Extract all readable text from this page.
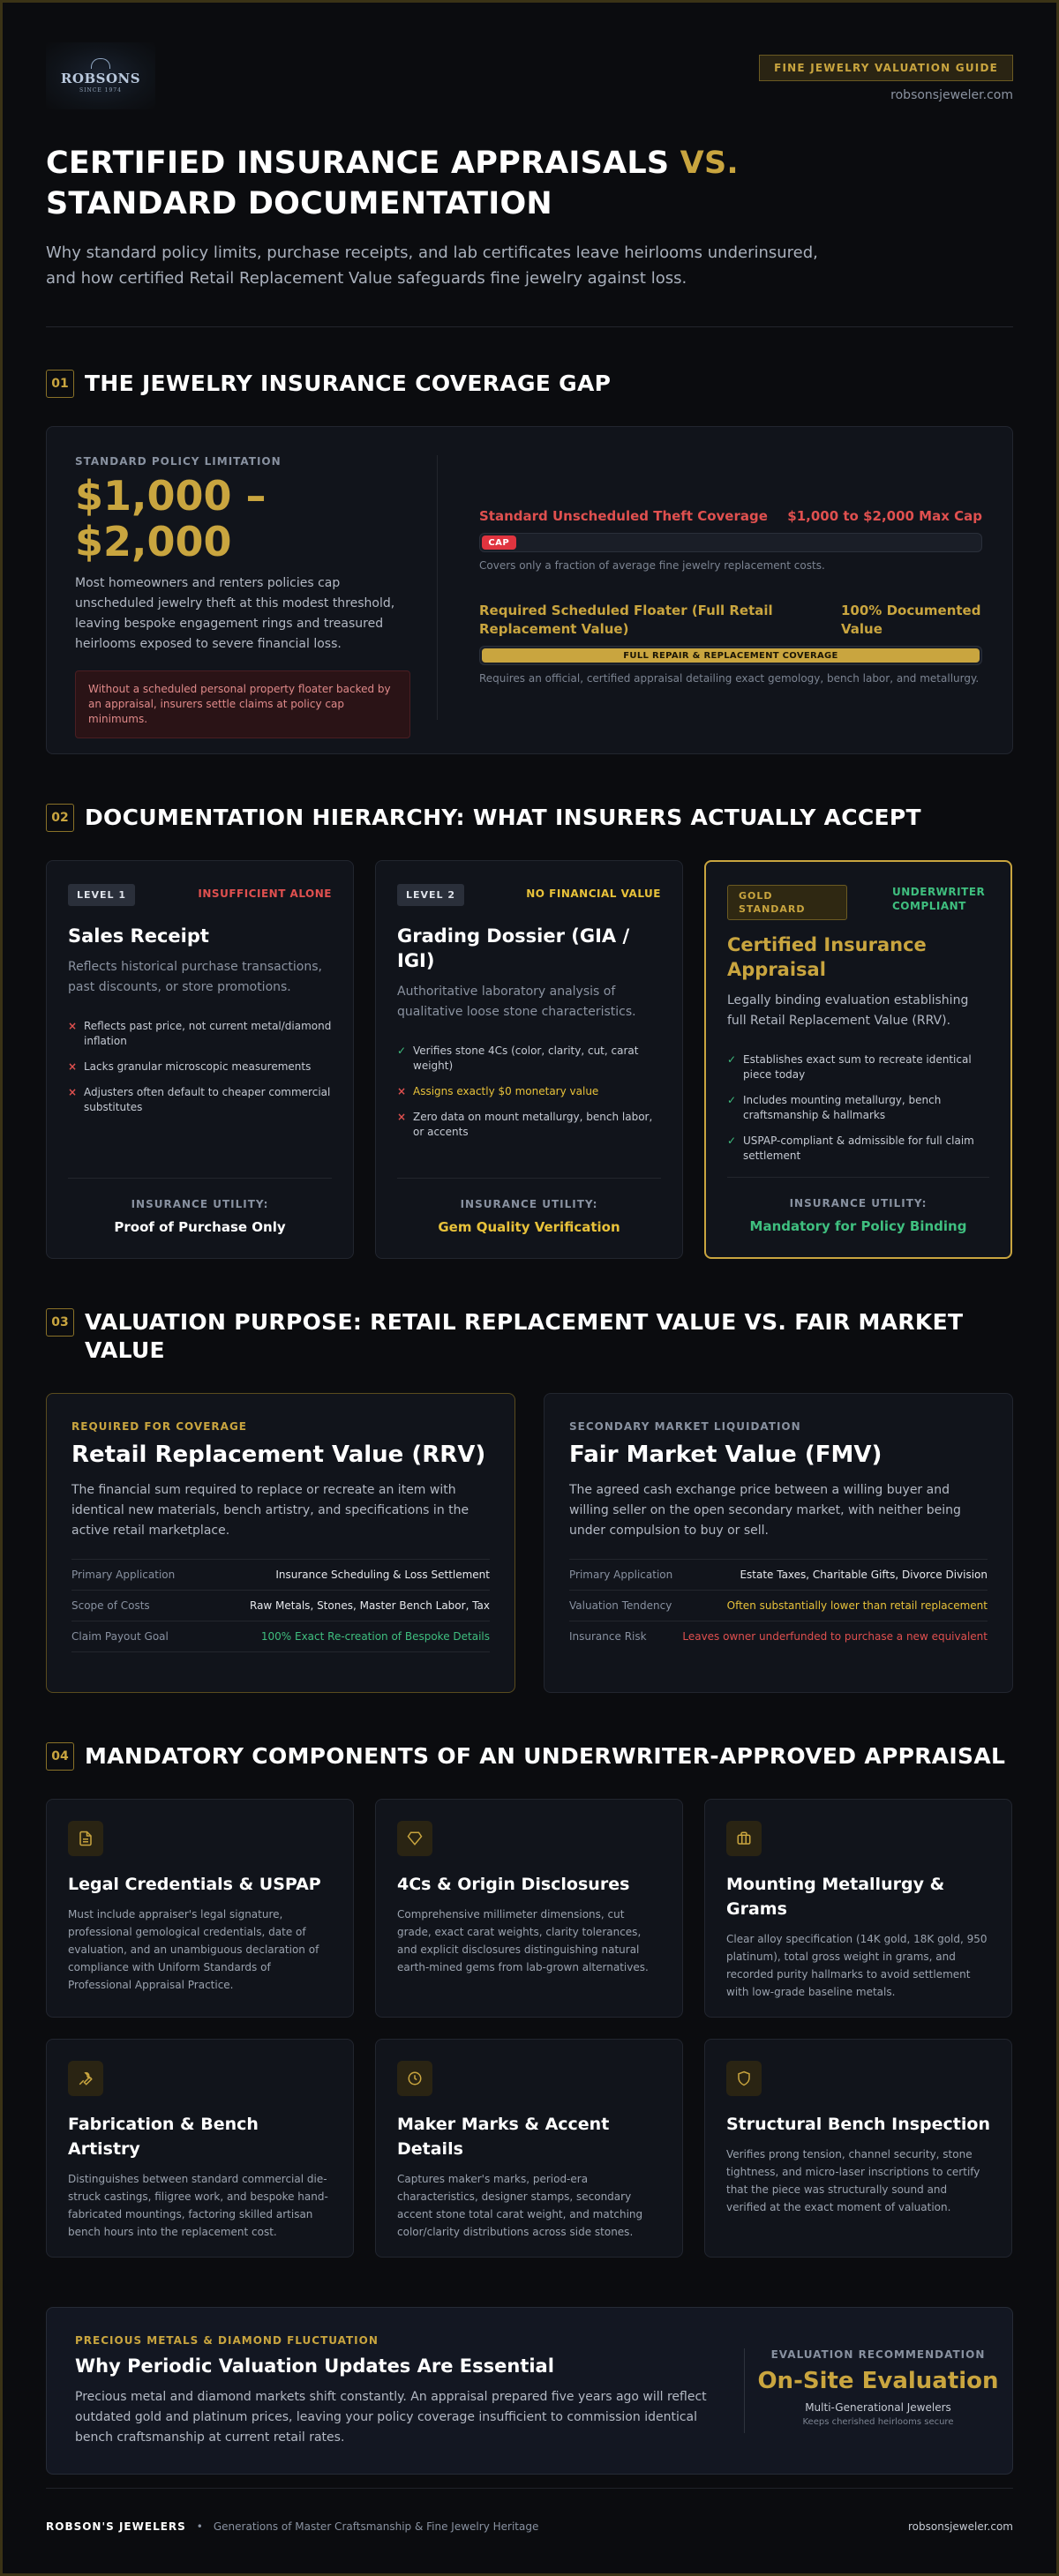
ROBSONS
SINCE 1974
FINE JEWELRY VALUATION GUIDE
robsonsjeweler.com
CERTIFIED INSURANCE APPRAISALS VS.
STANDARD DOCUMENTATION

Why standard policy limits, purchase receipts, and lab certificates leave heirlooms underinsured, and how certified Retail Replacement Value safeguards fine jewelry against loss.

01 THE JEWELRY INSURANCE COVERAGE GAP
STANDARD POLICY LIMITATION
$1,000 – $2,000

Most homeowners and renters policies cap unscheduled jewelry theft at this modest threshold, leaving bespoke engagement rings and treasured heirlooms exposed to severe financial loss.

Without a scheduled personal property floater backed by an appraisal, insurers settle claims at policy cap minimums.
Standard Unscheduled Theft Coverage $1,000 to $2,000 Max Cap
CAP
Covers only a fraction of average fine jewelry replacement costs.
Required Scheduled Floater (Full Retail Replacement Value)
100% Documented Value
FULL REPAIR & REPLACEMENT COVERAGE
Requires an official, certified appraisal detailing exact gemology, bench labor, and metallurgy.
02 DOCUMENTATION HIERARCHY: WHAT INSURERS ACTUALLY ACCEPT
LEVEL 1	INSUFFICIENT ALONE
Sales Receipt

Reflects historical purchase transactions, past discounts, or store promotions.

× Reflects past price, not current metal/diamond inflation
× Lacks granular microscopic measurements
× Adjusters often default to cheaper commercial substitutes
INSURANCE UTILITY:
Proof of Purchase Only
LEVEL 2	NO FINANCIAL VALUE
Grading Dossier (GIA / IGI)

Authoritative laboratory analysis of qualitative loose stone characteristics.

✓ Verifies stone 4Cs (color, clarity, cut, carat weight)
× Assigns exactly $0 monetary value
× Zero data on mount metallurgy, bench labor, or accents
INSURANCE UTILITY:
Gem Quality Verification
GOLD STANDARD
UNDERWRITER COMPLIANT
Certified Insurance Appraisal

Legally binding evaluation establishing full Retail Replacement Value (RRV).

✓ Establishes exact sum to recreate identical piece today
✓ Includes mounting metallurgy, bench craftsmanship & hallmarks
✓ USPAP-compliant & admissible for full claim settlement
INSURANCE UTILITY:
Mandatory for Policy Binding
03 VALUATION PURPOSE: RETAIL REPLACEMENT VALUE VS. FAIR MARKET VALUE
REQUIRED FOR COVERAGE
Retail Replacement Value (RRV)

The financial sum required to replace or recreate an item with identical new materials, bench artistry, and specifications in the active retail marketplace.

Primary Application	Insurance Scheduling & Loss Settlement
Scope of Costs	Raw Metals, Stones, Master Bench Labor, Tax
Claim Payout Goal	100% Exact Re-creation of Bespoke Details
SECONDARY MARKET LIQUIDATION
Fair Market Value (FMV)

The agreed cash exchange price between a willing buyer and willing seller on the open secondary market, with neither being under compulsion to buy or sell.

Primary Application	Estate Taxes, Charitable Gifts, Divorce Division
Valuation Tendency	Often substantially lower than retail replacement
Insurance Risk	Leaves owner underfunded to purchase a new equivalent
04 MANDATORY COMPONENTS OF AN UNDERWRITER-APPROVED APPRAISAL
Legal Credentials & USPAP

Must include appraiser's legal signature, professional gemological credentials, date of evaluation, and an unambiguous declaration of compliance with Uniform Standards of Professional Appraisal Practice.

4Cs & Origin Disclosures

Comprehensive millimeter dimensions, cut grade, exact carat weights, clarity tolerances, and explicit disclosures distinguishing natural earth-mined gems from lab-grown alternatives.

Mounting Metallurgy & Grams

Clear alloy specification (14K gold, 18K gold, 950 platinum), total gross weight in grams, and recorded purity hallmarks to avoid settlement with low-grade baseline metals.

Fabrication & Bench Artistry

Distinguishes between standard commercial die-struck castings, filigree work, and bespoke hand-fabricated mountings, factoring skilled artisan bench hours into the replacement cost.

Maker Marks & Accent Details

Captures maker's marks, period-era characteristics, designer stamps, secondary accent stone total carat weight, and matching color/clarity distributions across side stones.

Structural Bench Inspection

Verifies prong tension, channel security, stone tightness, and micro-laser inscriptions to certify that the piece was structurally sound and verified at the exact moment of valuation.

PRECIOUS METALS & DIAMOND FLUCTUATION
Why Periodic Valuation Updates Are Essential

Precious metal and diamond markets shift constantly. An appraisal prepared five years ago will reflect outdated gold and platinum prices, leaving your policy coverage insufficient to commission identical bench craftsmanship at current retail rates.

EVALUATION RECOMMENDATION
On-Site Evaluation
Multi-Generational Jewelers
Keeps cherished heirlooms secure
ROBSON'S JEWELERS • Generations of Master Craftsmanship & Fine Jewelry Heritage	robsonsjeweler.com
